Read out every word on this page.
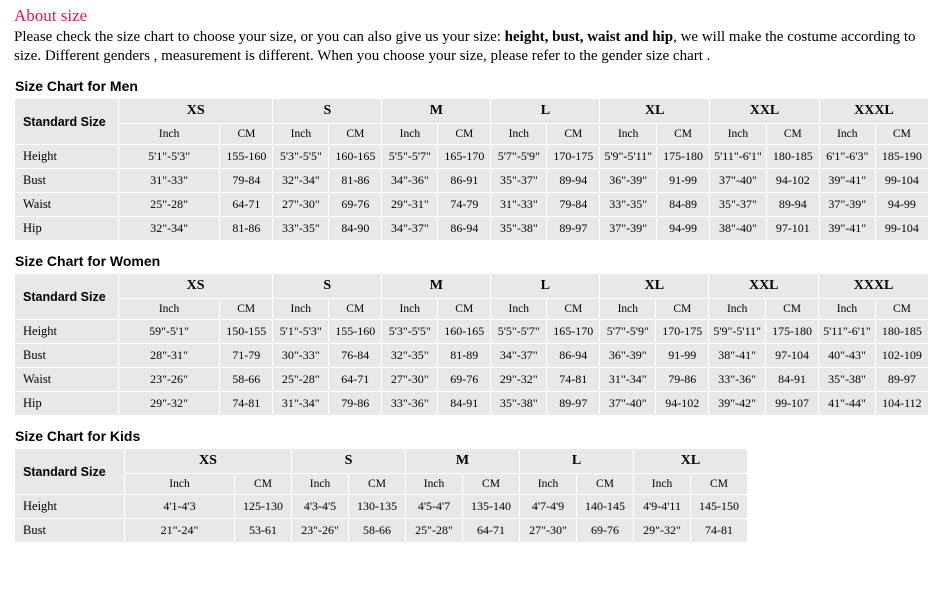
About size

Please check the size chart to choose your size, or you can also give us your size: height, bust, waist and hip, we will make the costume according to size. Different genders , measurement is different. When you choose your size, please refer to the gender size chart .

Size Chart for Men
Standard Size	XS		S		M		L		XL		XXL		XXXL	
	Inch	CM	Inch	CM	Inch	CM	Inch	CM	Inch	CM	Inch	CM	Inch	CM
Height	5'1"-5'3"	155-160	5'3"-5'5"	160-165	5'5"-5'7"	165-170	5'7"-5'9"	170-175	5'9"-5'11"	175-180	5'11"-6'1"	180-185	6'1"-6'3"	185-190
Bust	31"-33"	79-84	32"-34"	81-86	34"-36"	86-91	35"-37"	89-94	36"-39"	91-99	37"-40"	94-102	39"-41"	99-104
Waist	25"-28"	64-71	27"-30"	69-76	29"-31"	74-79	31"-33"	79-84	33"-35"	84-89	35"-37"	89-94	37"-39"	94-99
Hip	32"-34"	81-86	33"-35"	84-90	34"-37"	86-94	35"-38"	89-97	37"-39"	94-99	38"-40"	97-101	39"-41"	99-104
Size Chart for Women
Standard Size	XS		S		M		L		XL		XXL		XXXL	
	Inch	CM	Inch	CM	Inch	CM	Inch	CM	Inch	CM	Inch	CM	Inch	CM
Height	59"-5'1"	150-155	5'1"-5'3"	155-160	5'3"-5'5"	160-165	5'5"-5'7"	165-170	5'7"-5'9"	170-175	5'9"-5'11"	175-180	5'11"-6'1"	180-185
Bust	28"-31"	71-79	30"-33"	76-84	32"-35"	81-89	34"-37"	86-94	36"-39"	91-99	38"-41"	97-104	40"-43"	102-109
Waist	23"-26"	58-66	25"-28"	64-71	27"-30"	69-76	29"-32"	74-81	31"-34"	79-86	33"-36"	84-91	35"-38"	89-97
Hip	29"-32"	74-81	31"-34"	79-86	33"-36"	84-91	35"-38"	89-97	37"-40"	94-102	39"-42"	99-107	41"-44"	104-112
Size Chart for Kids
Standard Size	XS		S		M		L		XL	
	Inch	CM	Inch	CM	Inch	CM	Inch	CM	Inch	CM
Height	4'1-4'3	125-130	4'3-4'5	130-135	4'5-4'7	135-140	4'7-4'9	140-145	4'9-4'11	145-150
Bust	21"-24"	53-61	23"-26"	58-66	25"-28"	64-71	27"-30"	69-76	29"-32"	74-81
